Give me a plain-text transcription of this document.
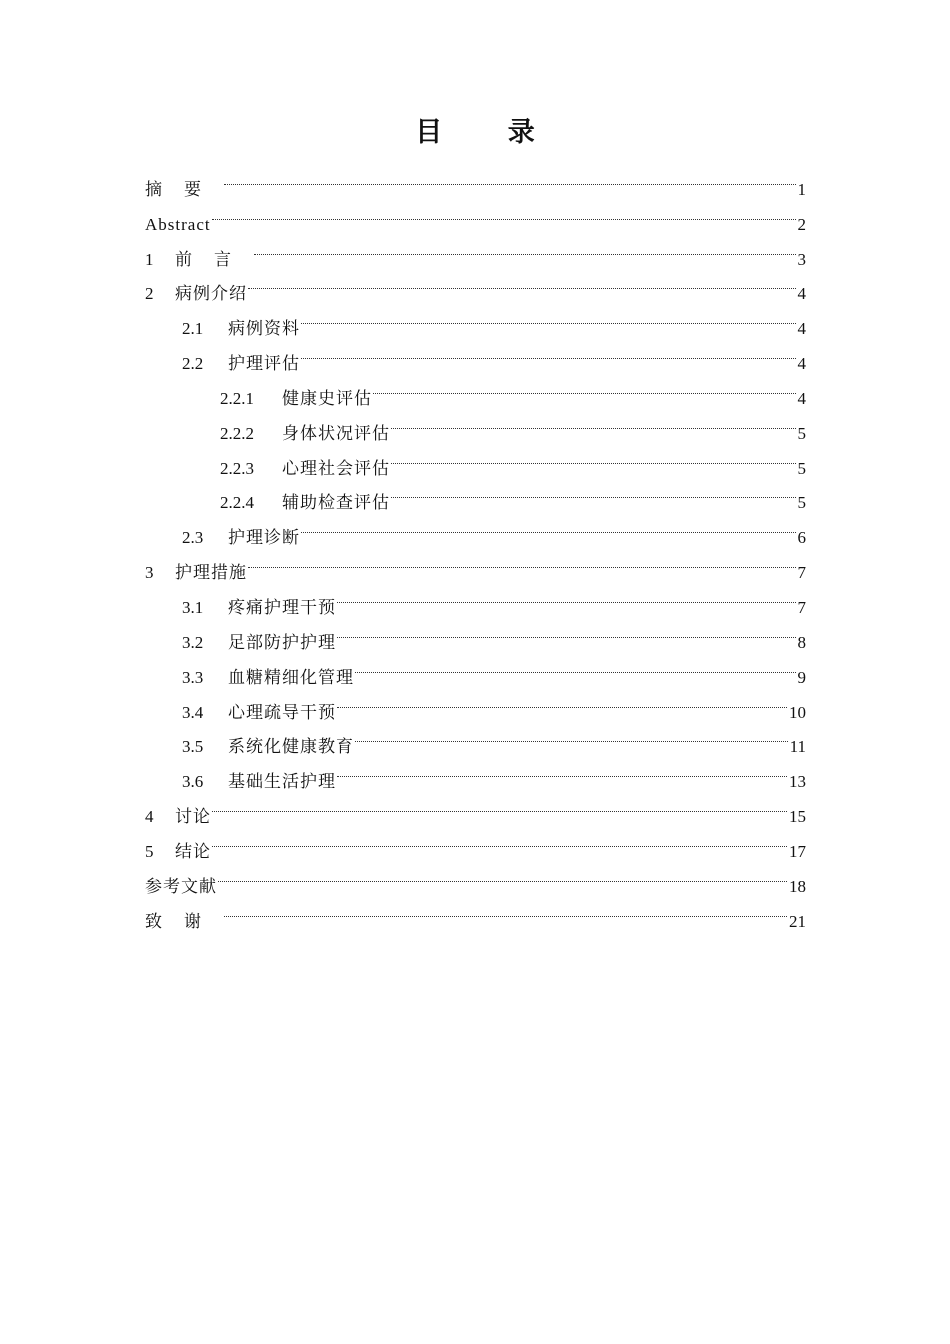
目 录
摘要	1
Abstract	2
1	前言	3
2	病例介绍	4
2.1	病例资料	4
2.2	护理评估	4
2.2.1	健康史评估	4
2.2.2	身体状况评估	5
2.2.3	心理社会评估	5
2.2.4	辅助检查评估	5
2.3	护理诊断	6
3	护理措施	7
3.1	疼痛护理干预	7
3.2	足部防护护理	8
3.3	血糖精细化管理	9
3.4	心理疏导干预	10
3.5	系统化健康教育	11
3.6	基础生活护理	13
4	讨论	15
5	结论	17
参考文献	18
致谢	21
